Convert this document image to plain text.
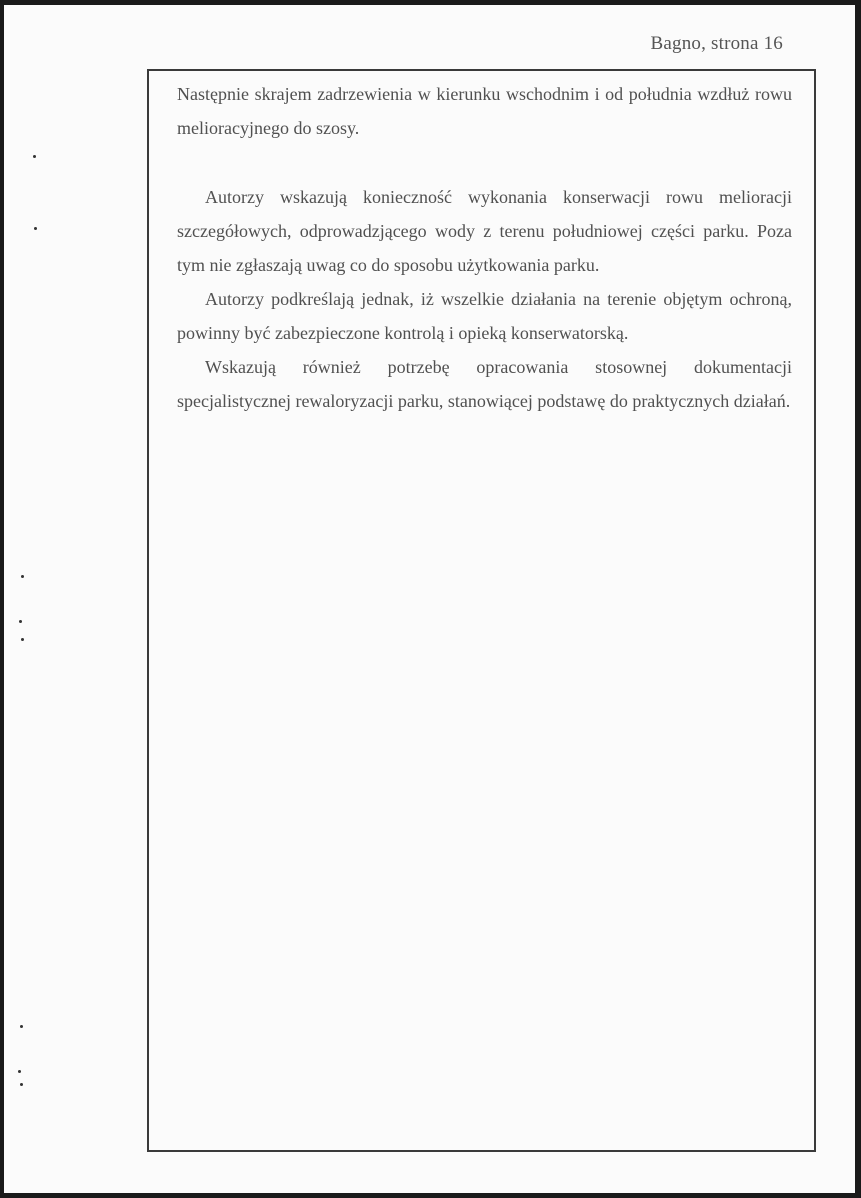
Bagno, strona 16

Następnie skrajem zadrzewienia w kierunku wschodnim i od południa wzdłuż rowu melioracyjnego do szosy.

Autorzy wskazują konieczność wykonania konserwacji rowu melioracji szczegółowych, odprowadzjącego wody z terenu południowej części parku. Poza tym nie zgłaszają uwag co do sposobu użytkowania parku.

Autorzy podkreślają jednak, iż wszelkie działania na terenie objętym ochroną, powinny być zabezpieczone kontrolą i opieką konserwatorską.

Wskazują również potrzebę opracowania stosownej dokumentacji specjalistycznej rewaloryzacji parku, stanowiącej podstawę do praktycznych działań.
